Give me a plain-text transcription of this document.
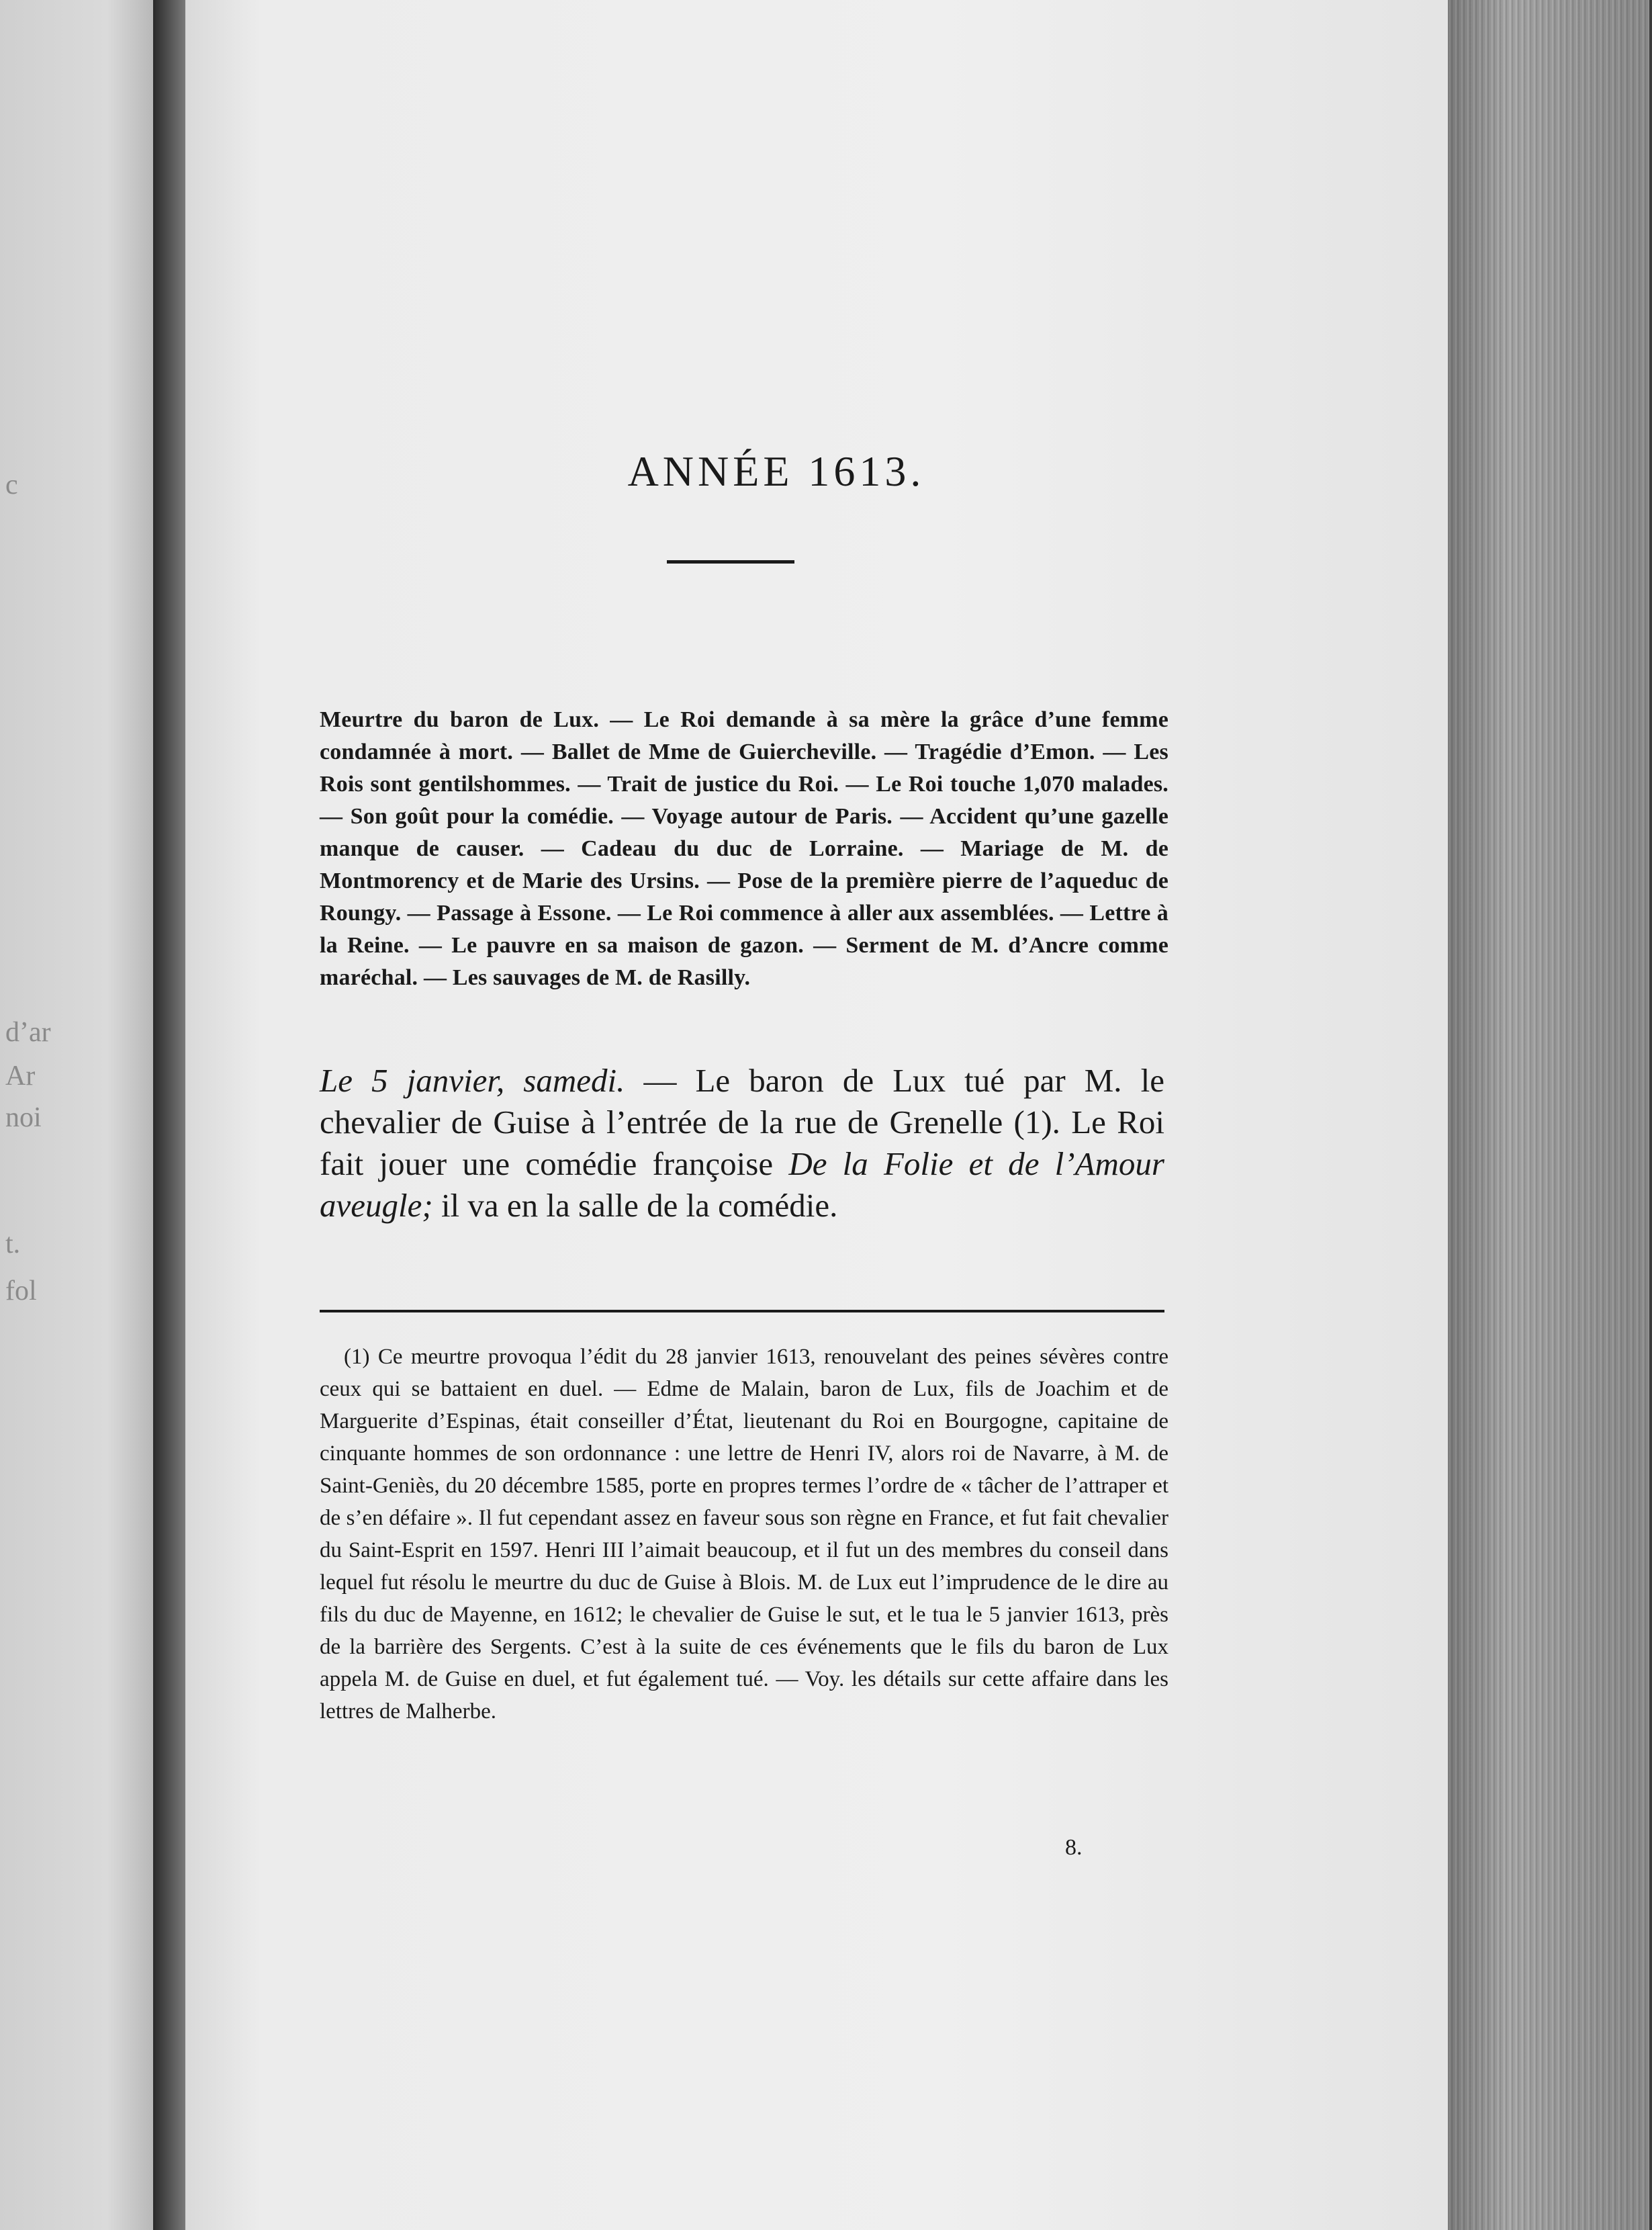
c
d’ar
Ar
noi
t.
fol
ANNÉE 1613.

Meurtre du baron de Lux. — Le Roi demande à sa mère la grâce d’une femme condamnée à mort. — Ballet de Mme de Guiercheville. — Tragédie d’Emon. — Les Rois sont gentilshommes. — Trait de justice du Roi. — Le Roi touche 1,070 malades. — Son goût pour la comédie. — Voyage autour de Paris. — Accident qu’une gazelle manque de causer. — Cadeau du duc de Lorraine. — Mariage de M. de Montmorency et de Marie des Ursins. — Pose de la première pierre de l’aqueduc de Roungy. — Passage à Essone. — Le Roi commence à aller aux assemblées. — Lettre à la Reine. — Le pauvre en sa maison de gazon. — Serment de M. d’Ancre comme maréchal. — Les sauvages de M. de Rasilly.

Le 5 janvier, samedi. — Le baron de Lux tué par M. le chevalier de Guise à l’entrée de la rue de Grenelle (1). Le Roi fait jouer une comédie françoise De la Folie et de l’Amour aveugle; il va en la salle de la comédie.

(1) Ce meurtre provoqua l’édit du 28 janvier 1613, renouvelant des peines sévères contre ceux qui se battaient en duel. — Edme de Malain, baron de Lux, fils de Joachim et de Marguerite d’Espinas, était conseiller d’État, lieutenant du Roi en Bourgogne, capitaine de cinquante hommes de son ordonnance : une lettre de Henri IV, alors roi de Navarre, à M. de Saint-Geniès, du 20 décembre 1585, porte en propres termes l’ordre de « tâcher de l’attraper et de s’en défaire ». Il fut cependant assez en faveur sous son règne en France, et fut fait chevalier du Saint-Esprit en 1597. Henri III l’aimait beaucoup, et il fut un des membres du conseil dans lequel fut résolu le meurtre du duc de Guise à Blois. M. de Lux eut l’imprudence de le dire au fils du duc de Mayenne, en 1612; le chevalier de Guise le sut, et le tua le 5 janvier 1613, près de la barrière des Sergents. C’est à la suite de ces événements que le fils du baron de Lux appela M. de Guise en duel, et fut également tué. — Voy. les détails sur cette affaire dans les lettres de Malherbe.

8.
